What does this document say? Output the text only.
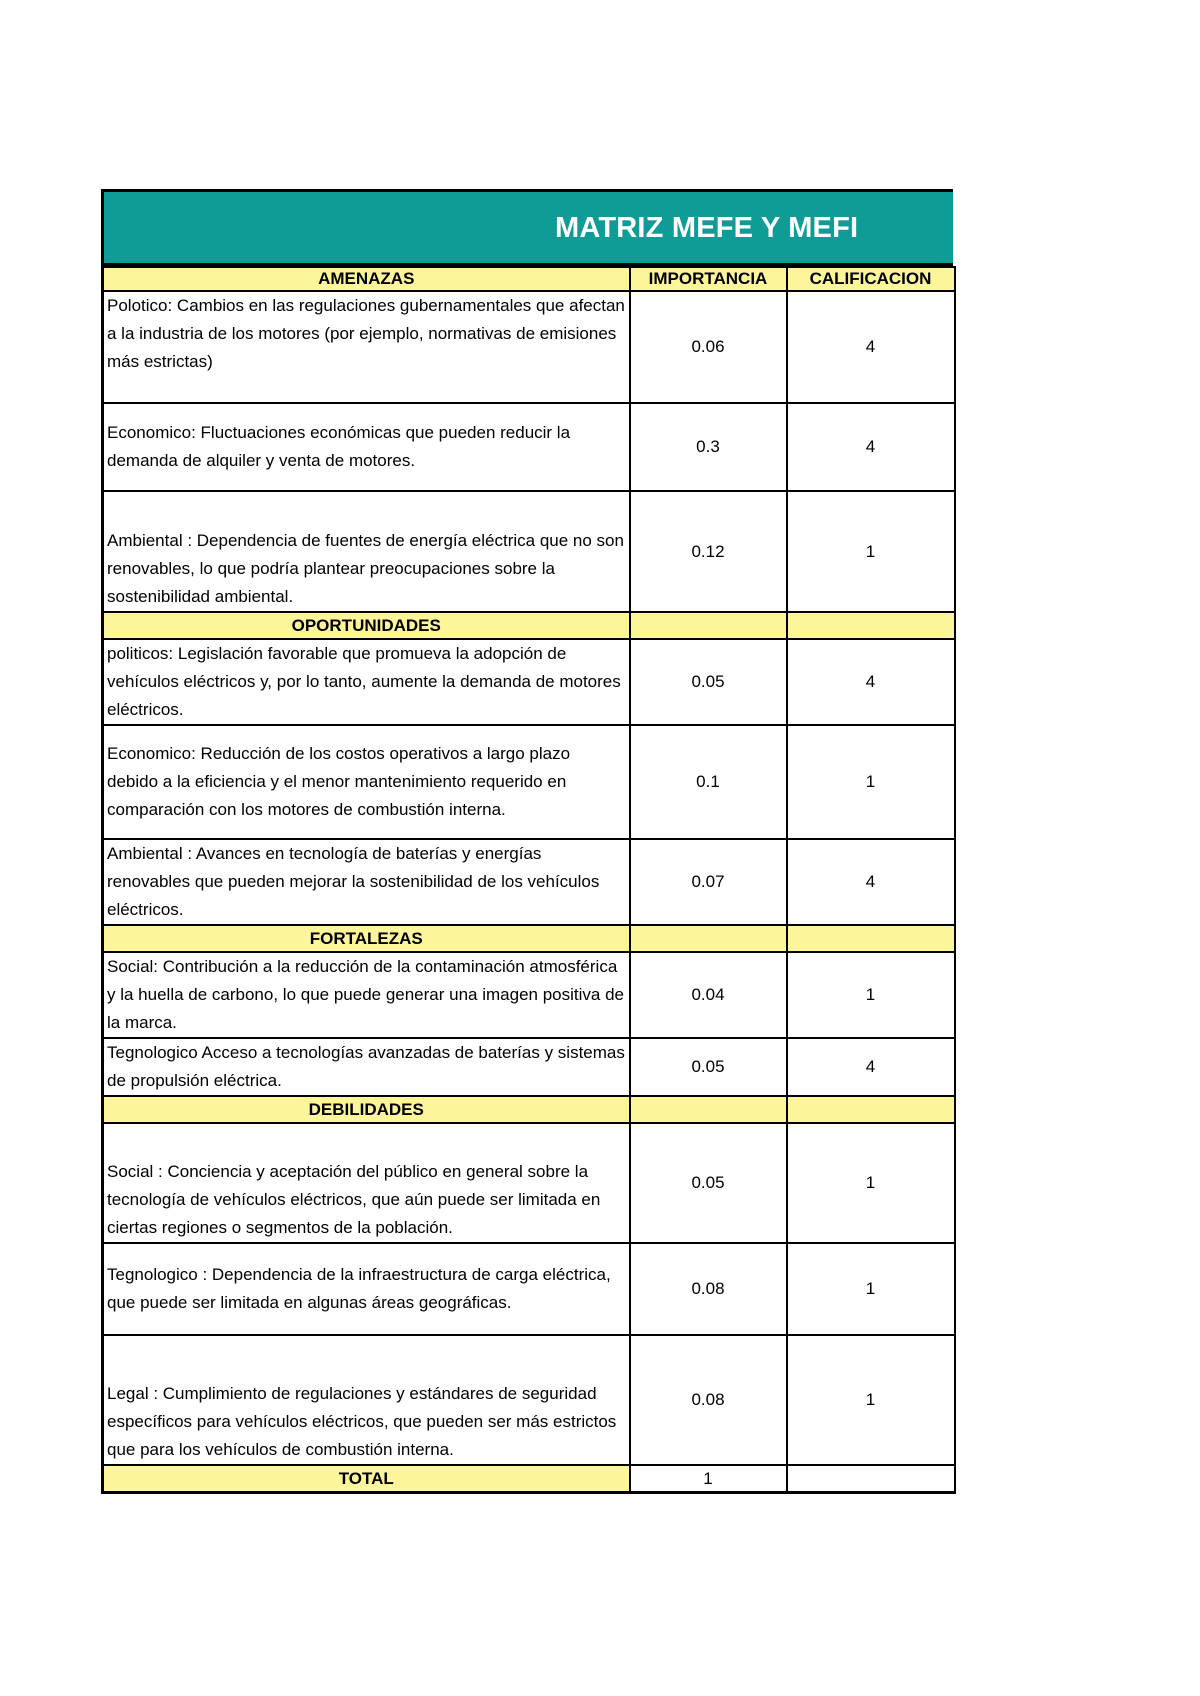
MATRIZ MEFE Y MEFI
AMENAZAS	IMPORTANCIA	CALIFICACION
Polotico: Cambios en las regulaciones gubernamentales que afectan a la industria de los motores (por ejemplo, normativas de emisiones más estrictas)	0.06	4
Economico: Fluctuaciones económicas que pueden reducir la demanda de alquiler y venta de motores.	0.3	4
Ambiental : Dependencia de fuentes de energía eléctrica que no son renovables, lo que podría plantear preocupaciones sobre la sostenibilidad ambiental.	0.12	1
OPORTUNIDADES		
politicos: Legislación favorable que promueva la adopción de vehículos eléctricos y, por lo tanto, aumente la demanda de motores eléctricos.	0.05	4
Economico: Reducción de los costos operativos a largo plazo debido a la eficiencia y el menor mantenimiento requerido en comparación con los motores de combustión interna.	0.1	1
Ambiental : Avances en tecnología de baterías y energías renovables que pueden mejorar la sostenibilidad de los vehículos eléctricos.	0.07	4
FORTALEZAS		
Social: Contribución a la reducción de la contaminación atmosférica y la huella de carbono, lo que puede generar una imagen positiva de la marca.	0.04	1
Tegnologico Acceso a tecnologías avanzadas de baterías y sistemas de propulsión eléctrica.	0.05	4
DEBILIDADES		
Social : Conciencia y aceptación del público en general sobre la tecnología de vehículos eléctricos, que aún puede ser limitada en ciertas regiones o segmentos de la población.	0.05	1
Tegnologico : Dependencia de la infraestructura de carga eléctrica, que puede ser limitada en algunas áreas geográficas.	0.08	1
Legal : Cumplimiento de regulaciones y estándares de seguridad específicos para vehículos eléctricos, que pueden ser más estrictos que para los vehículos de combustión interna.	0.08	1
TOTAL	1	
